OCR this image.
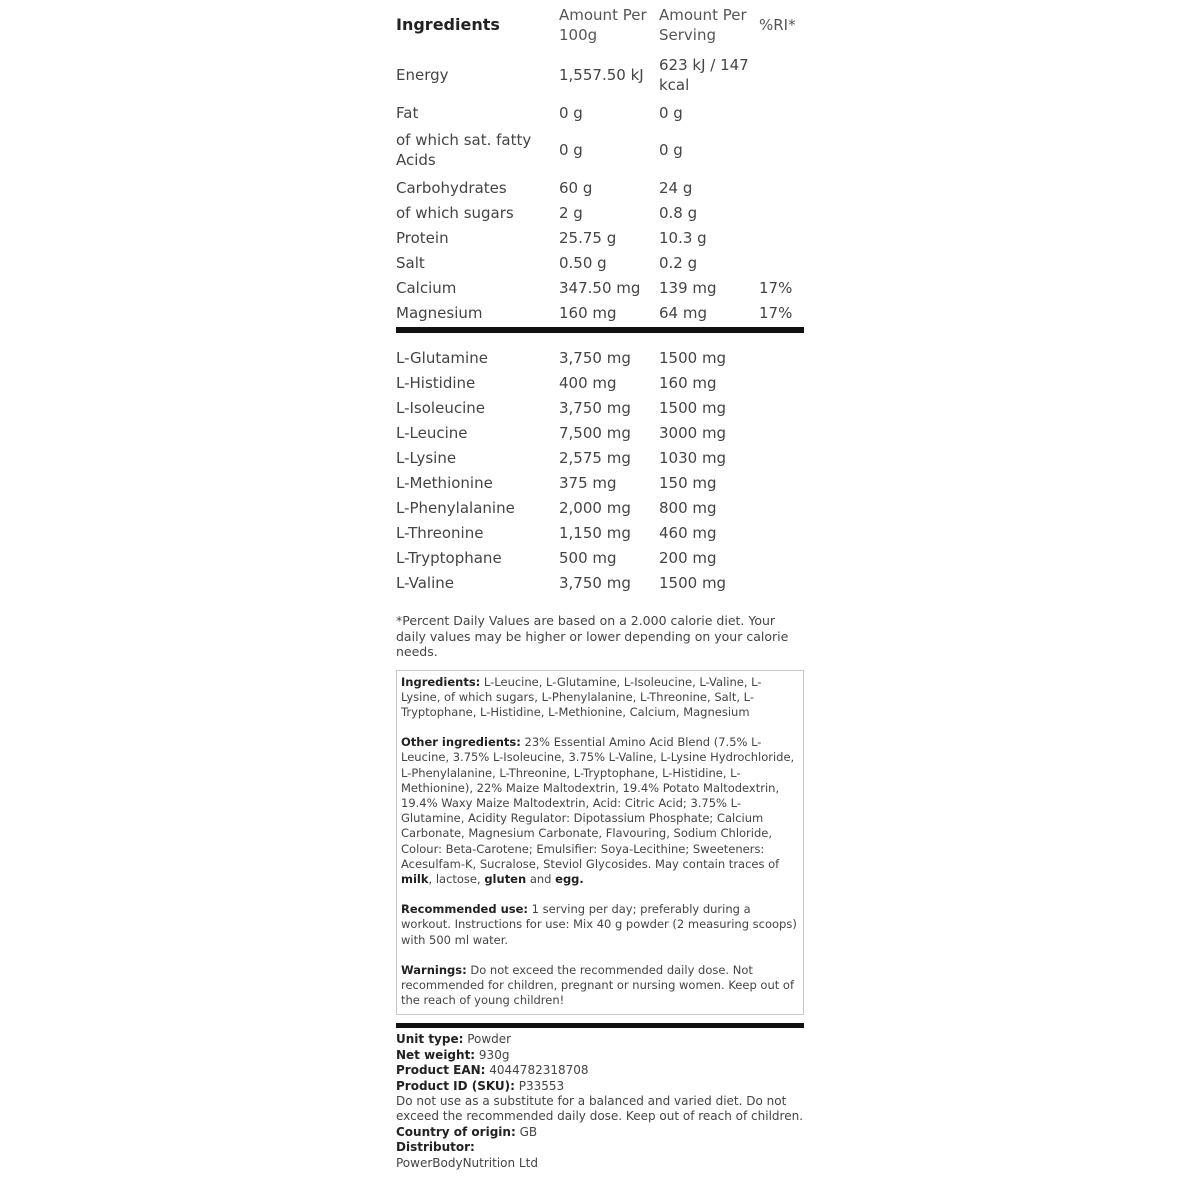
Ingredients	Amount Per 100g	Amount Per Serving	%RI*
Energy	1,557.50 kJ	623 kJ / 147 kcal	
Fat	0 g	0 g	
of which sat. fatty Acids	0 g	0 g	
Carbohydrates	60 g	24 g	
of which sugars	2 g	0.8 g	
Protein	25.75 g	10.3 g	
Salt	0.50 g	0.2 g	
Calcium	347.50 mg	139 mg	17%
Magnesium	160 mg	64 mg	17%
L-Glutamine	3,750 mg	1500 mg	
L-Histidine	400 mg	160 mg	
L-Isoleucine	3,750 mg	1500 mg	
L-Leucine	7,500 mg	3000 mg	
L-Lysine	2,575 mg	1030 mg	
L-Methionine	375 mg	150 mg	
L-Phenylalanine	2,000 mg	800 mg	
L-Threonine	1,150 mg	460 mg	
L-Tryptophane	500 mg	200 mg	
L-Valine	3,750 mg	1500 mg	
*Percent Daily Values are based on a 2.000 calorie diet. Your daily values may be higher or lower depending on your calorie needs.

Ingredients: L-Leucine, L-Glutamine, L-Isoleucine, L-Valine, L-Lysine, of which sugars, L-Phenylalanine, L-Threonine, Salt, L-Tryptophane, L-Histidine, L-Methionine, Calcium, Magnesium

Other ingredients: 23% Essential Amino Acid Blend (7.5% L-Leucine, 3.75% L-Isoleucine, 3.75% L-Valine, L-Lysine Hydrochloride, L-Phenylalanine, L-Threonine, L-Tryptophane, L-Histidine, L-Methionine), 22% Maize Maltodextrin, 19.4% Potato Maltodextrin, 19.4% Waxy Maize Maltodextrin, Acid: Citric Acid; 3.75% L-Glutamine, Acidity Regulator: Dipotassium Phosphate; Calcium Carbonate, Magnesium Carbonate, Flavouring, Sodium Chloride, Colour: Beta-Carotene; Emulsifier: Soya-Lecithine; Sweeteners: Acesulfam-K, Sucralose, Steviol Glycosides. May contain traces of milk, lactose, gluten and egg.

Recommended use: 1 serving per day; preferably during a workout. Instructions for use: Mix 40 g powder (2 measuring scoops) with 500 ml water.

Warnings: Do not exceed the recommended daily dose. Not recommended for children, pregnant or nursing women. Keep out of the reach of young children!

Unit type: Powder
Net weight: 930g
Product EAN: 4044782318708
Product ID (SKU): P33553
Do not use as a substitute for a balanced and varied diet. Do not exceed the recommended daily dose. Keep out of reach of children.
Country of origin: GB
Distributor:
PowerBodyNutrition Ltd
